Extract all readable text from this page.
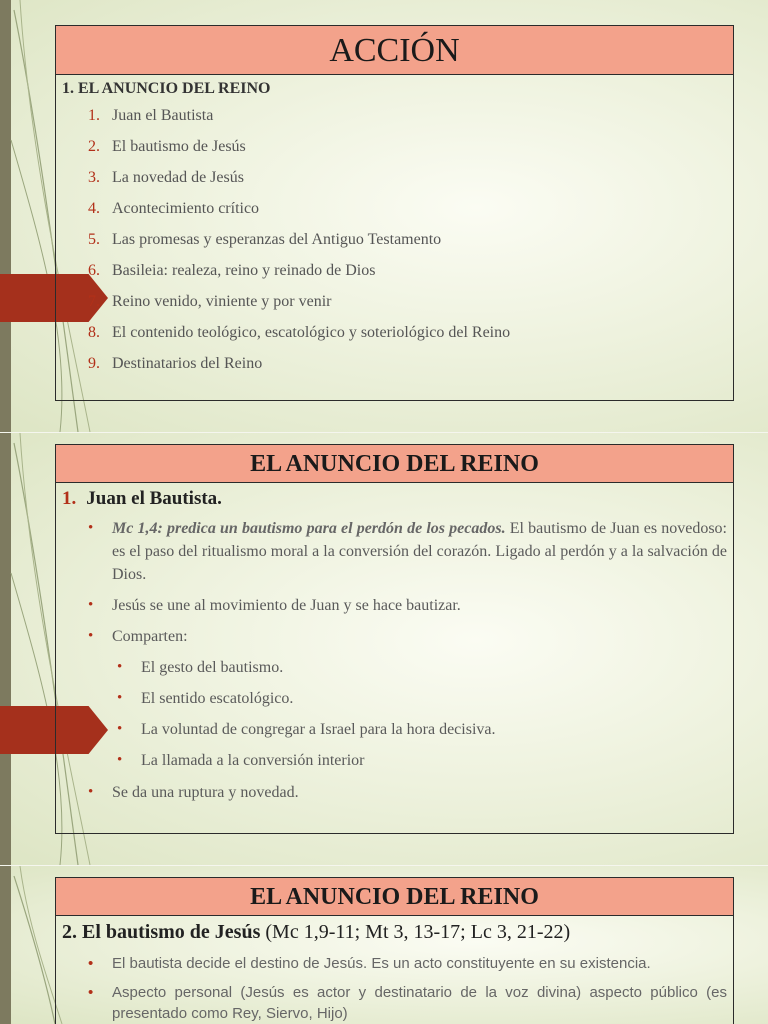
ACCIÓN
1. EL ANUNCIO DEL REINO
1. Juan el Bautista
2. El bautismo de Jesús
3. La novedad de Jesús
4. Acontecimiento crítico
5. Las promesas y esperanzas del Antiguo Testamento
6. Basileia: realeza, reino y reinado de Dios
7. Reino venido, viniente y por venir
8. El contenido teológico, escatológico y soteriológico del Reino
9. Destinatarios del Reino
EL ANUNCIO DEL REINO
1. Juan el Bautista.
• Mc 1,4: predica un bautismo para el perdón de los pecados. El bautismo de Juan es novedoso: es el paso del ritualismo moral a la conversión del corazón. Ligado al perdón y a la salvación de Dios.
• Jesús se une al movimiento de Juan y se hace bautizar.
• Comparten:
• El gesto del bautismo.
• El sentido escatológico.
• La voluntad de congregar a Israel para la hora decisiva.
• La llamada a la conversión interior
• Se da una ruptura y novedad.
EL ANUNCIO DEL REINO
2. El bautismo de Jesús (Mc 1,9-11; Mt 3, 13-17; Lc 3, 21-22)
• El bautista decide el destino de Jesús. Es un acto constituyente en su existencia.
• Aspecto personal (Jesús es actor y destinatario de la voz divina) aspecto público (es presentado como Rey, Siervo, Hijo)
